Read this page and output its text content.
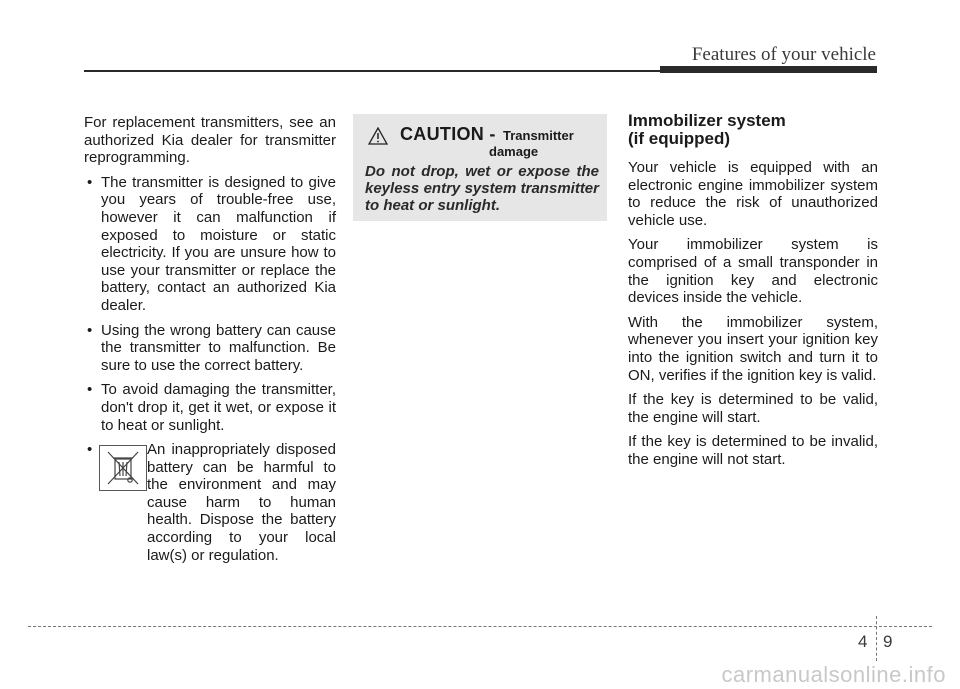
Features of your vehicle

For replacement transmitters, see an authorized Kia dealer for transmitter reprogramming.

• The transmitter is designed to give you years of trouble-free use, however it can malfunction if exposed to moisture or static electricity. If you are unsure how to use your transmitter or replace the battery, contact an authorized Kia dealer.
• Using the wrong battery can cause the transmitter to malfunction. Be sure to use the correct battery.
• To avoid damaging the transmitter, don't drop it, get it wet, or expose it to heat or sunlight.
•	An inappropriately disposed battery can be harmful to the environment and may cause harm to human health. Dispose the battery according to your local law(s) or regulation.
CAUTION - Transmitter
damage
Do not drop, wet or expose the keyless entry system transmitter to heat or sunlight.
Immobilizer system
(if equipped)

Your vehicle is equipped with an electronic engine immobilizer system to reduce the risk of unauthorized vehicle use.

Your immobilizer system is comprised of a small transponder in the ignition key and electronic devices inside the vehicle.

With the immobilizer system, whenever you insert your ignition key into the ignition switch and turn it to ON, verifies if the ignition key is valid.

If the key is determined to be valid, the engine will start.

If the key is determined to be invalid, the engine will not start.

4 9
carmanualsonline.info
